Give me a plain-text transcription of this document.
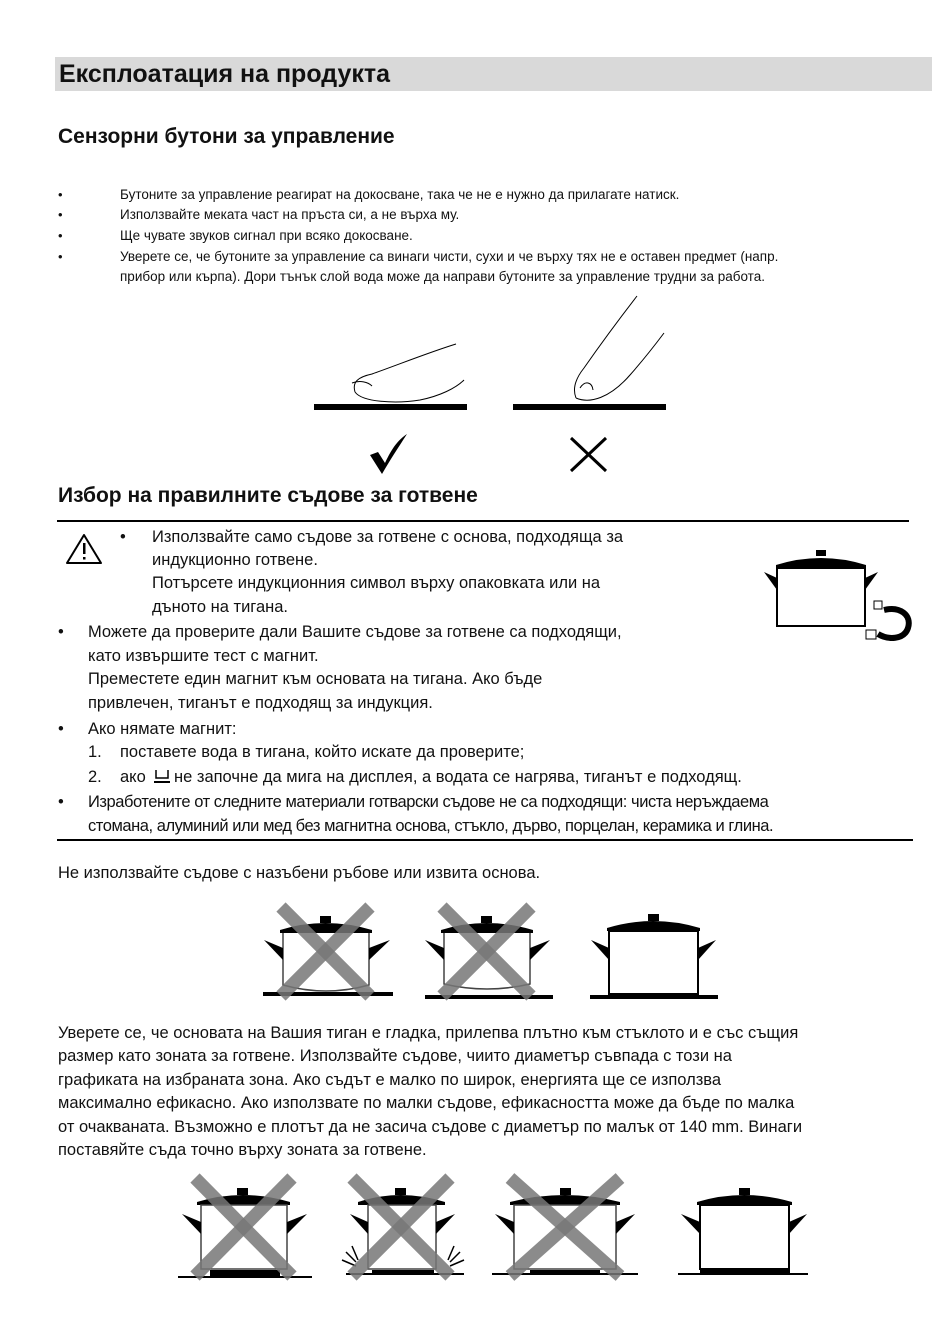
Експлоатация на продукта
Сензорни бутони за управление
•	Бутоните за управление реагират на докосване, така че не е нужно да прилагате натиск.
•	Използвайте меката част на пръста си, а не върха му.
•	Ще чувате звуков сигнал при всяко докосване.
•	Уверете се, че бутоните за управление са винаги чисти, сухи и че върху тях не е оставен предмет (напр.
прибор или кърпа). Дори тънък слой вода може да направи бутоните за управление трудни за работа.
Избор на правилните съдове за готвене
• Използвайте само съдове за готвене с основа, подходяща за
индукционно готвене.
Потърсете индукционния символ върху опаковката или на
дъното на тигана.
• Можете да проверите дали Вашите съдове за готвене са подходящи,
като извършите тест с магнит.
Преместете един магнит към основата на тигана. Ако бъде
привлечен, тиганът е подходящ за индукция.
• Ако нямате магнит:
1. поставете вода в тигана, който искате да проверите;
2. ако не започне да мига на дисплея, а водата се нагрява, тиганът е подходящ.
• Изработените от следните материали готварски съдове не са подходящи: чиста неръждаема
стомана, алуминий или мед без магнитна основа, стъкло, дърво, порцелан, керамика и глина.
Не използвайте съдове с назъбени ръбове или извита основа.
Уверете се, че основата на Вашия тиган е гладка, прилепва плътно към стъклото и е със същия
размер като зоната за готвене. Използвайте съдове, чиито диаметър съвпада с този на
графиката на избраната зона. Ако съдът е малко по широк, енергията ще се използва
максимално ефикасно. Ако използвате по малки съдове, ефикасността може да бъде по малка
от очакваната. Възможно е плотът да не засича съдове с диаметър по малък от 140 mm. Винаги
поставяйте съда точно върху зоната за готвене.
